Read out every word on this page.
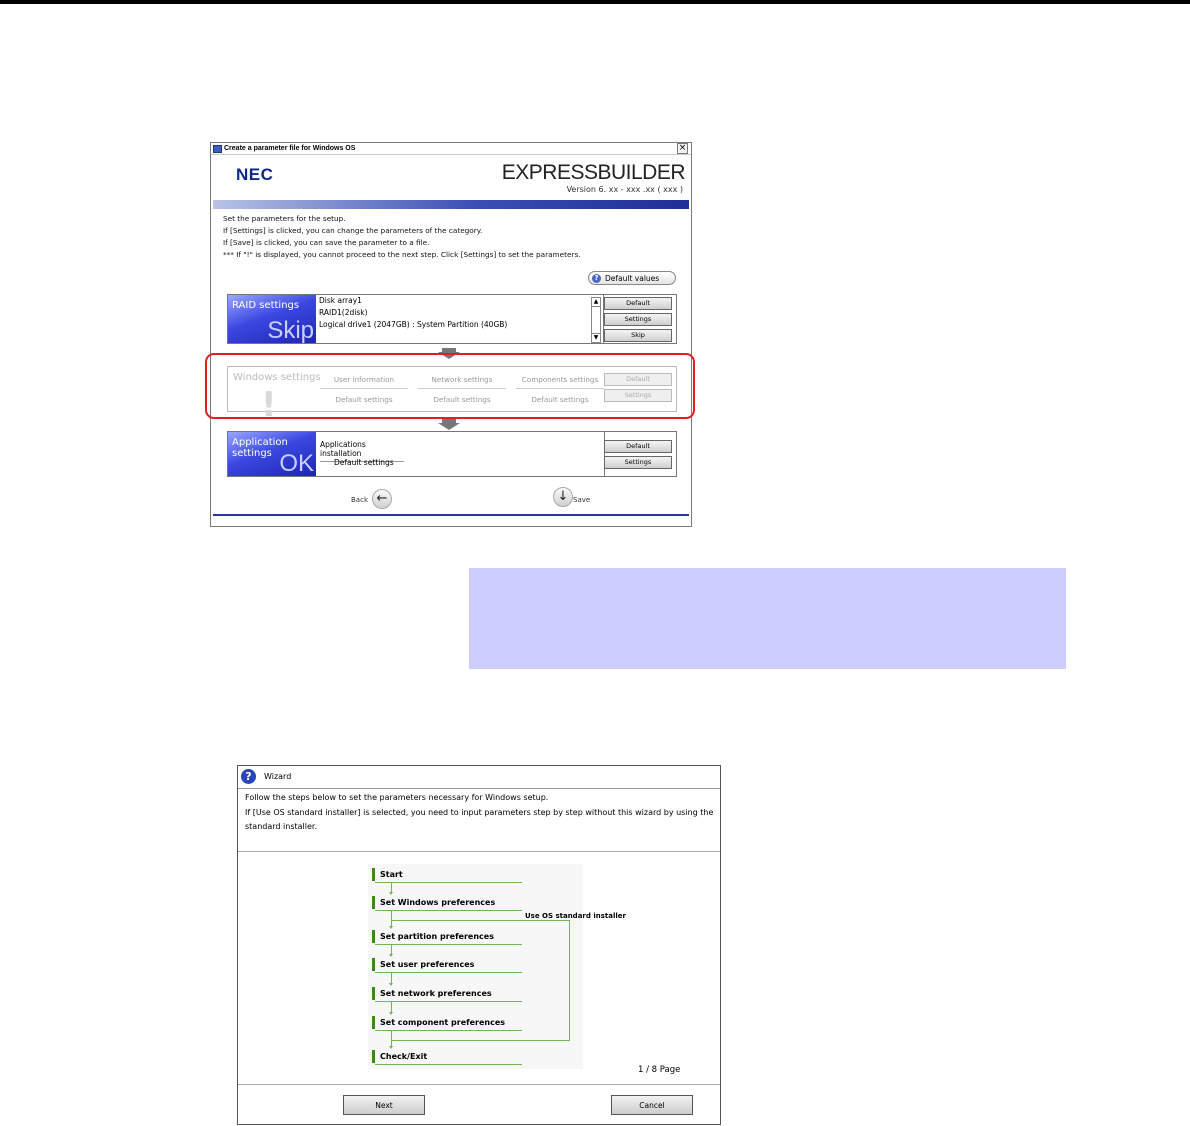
Create a parameter file for Windows OS	×
NEC	EXPRESSBUILDER
Version 6. xx - xxx .xx ( xxx )
Set the parameters for the setup.
If [Settings] is clicked, you can change the parameters of the category.
If [Save] is clicked, you can save the parameter to a file.
*** If "!" is displayed, you cannot proceed to the next step. Click [Settings] to set the parameters.
? Default values
RAID settings
Skip
Disk array1
RAID1(2disk)
Logical drive1 (2047GB) : System Partition (40GB)
▲
▼
Default
Settings
Skip
Windows settings
!
User information
Default settings
Network settings
Default settings
Components settings
Default settings
Default
Settings
Application settings OK
Applications installation
Default settings
Default
Settings
Back ←	↓ Save
?	Wizard
Follow the steps below to set the parameters necessary for Windows setup.
If [Use OS standard installer] is selected, you need to input parameters step by step without this wizard by using the
standard installer.
Start
Set Windows preferences
Set partition preferences
Set user preferences
Set network preferences
Set component preferences
Check/Exit
Use OS standard installer
1 / 8 Page
Next	Cancel
